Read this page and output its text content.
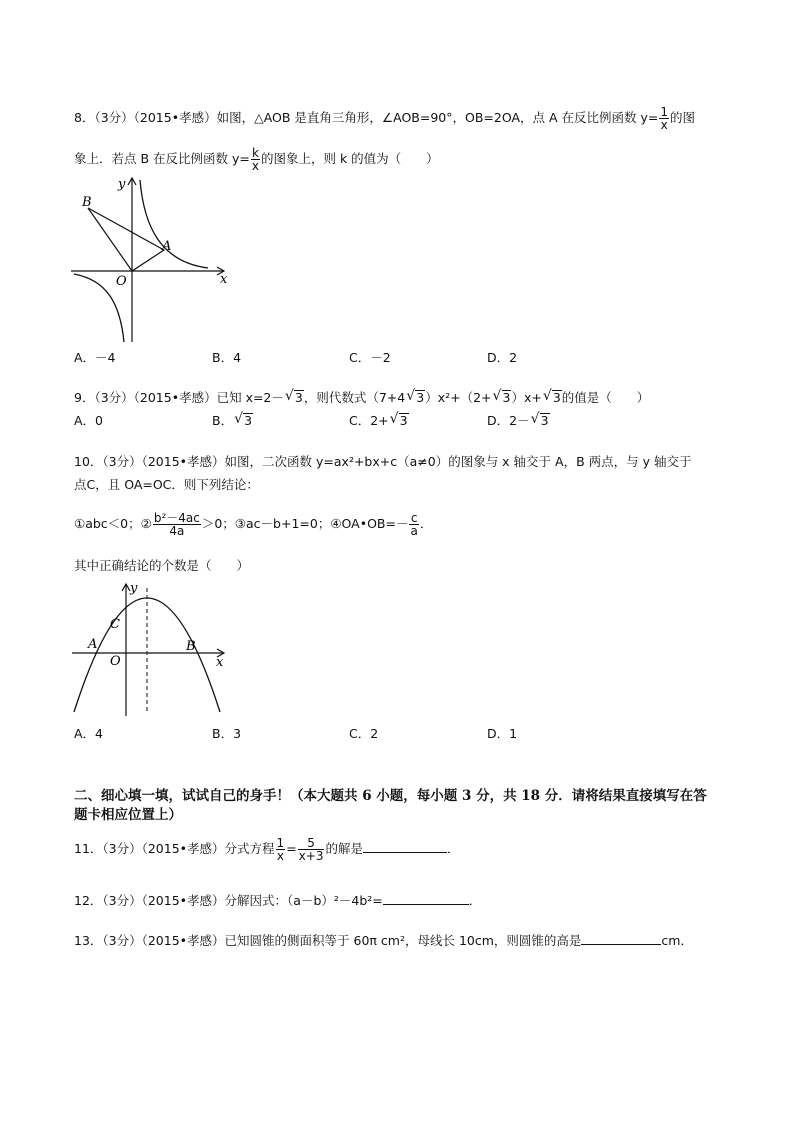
8．（3分）（2015•孝感）如图，△AOB 是直角三角形，∠AOB=90°，OB=2OA，点 A 在反比例函数 $y= \frac{1}{x}$ 的图
象上．若点 B 在反比例函数 $y= \frac{k}{x}$ 的图象上，则 k 的值为（　　）
B
A
O	x
y
A．－4	B．4	C．－2	D．2
9．（3分）（2015•孝感）已知 x=2－ √ 3，则代数式（7+4 √ 3）x²+（2+ √ 3）x+ √ 3的值是（　　）
A．0	B． √ 3	C．2+ √ 3	D．2－ √ 3
10．（3分）（2015•孝感）如图，二次函数 y=ax²+bx+c（a≠0）的图象与 x 轴交于 A，B 两点，与 y 轴交于
点C，且 OA=OC．则下列结论：
①abc＜0；② $\frac{\text{b²－4ac}}{4a} >0$；③ac－b+1=0；④OA•OB=－ $\frac{c}{a}$ ．
其中正确结论的个数是（　　）
C
A
O
B
x
y
A．4	B．3	C．2	D．1
二、细心填一填，试试自己的身手！（本大题共 6 小题，每小题 3 分，共 18 分．请将结果直接填写在答
题卡相应位置上）
11．（3分）（2015•孝感）分式方程 $\frac{1}{x} = \frac{5}{x+3}$ 的解是	．
12．（3分）（2015•孝感）分解因式：（a－b）²－4b²=	．
13．（3分）（2015•孝感）已知圆锥的侧面积等于 60π cm²，母线长 10cm，则圆锥的高是	cm．
